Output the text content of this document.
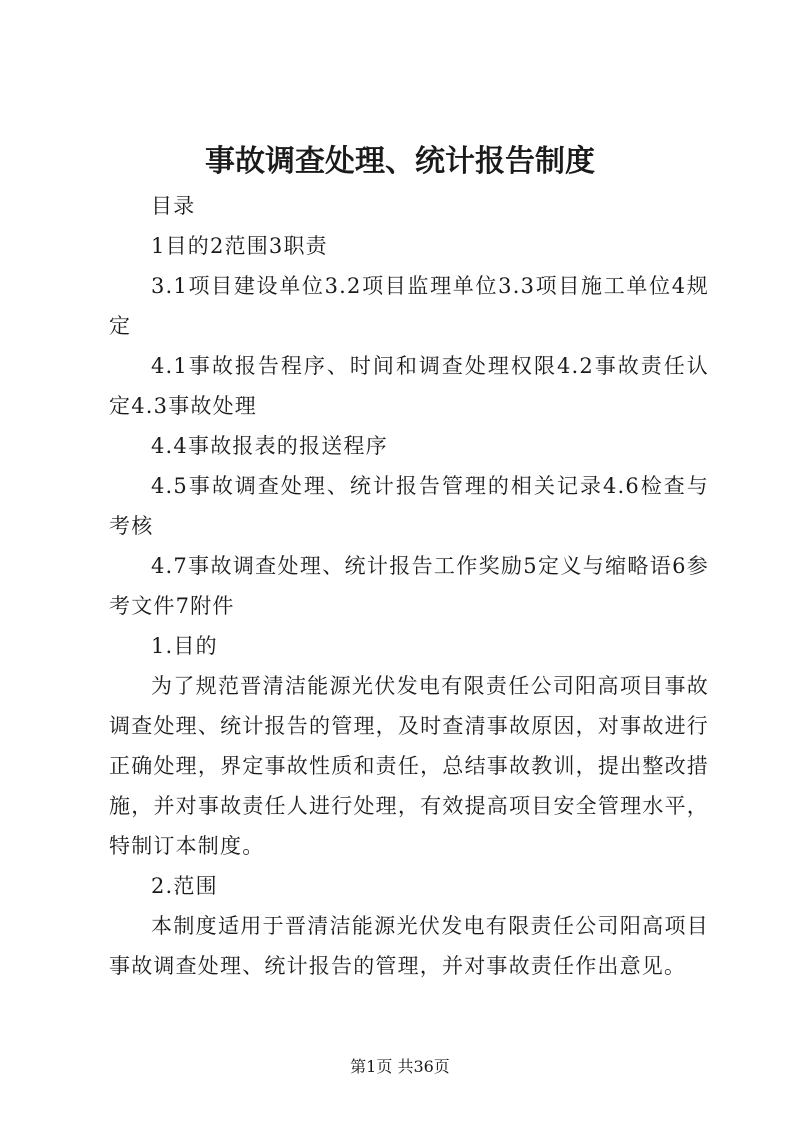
事故调查处理、统计报告制度

目录

1目的2范围3职责

3.1项目建设单位3.2项目监理单位3.3项目施工单位4规定

4.1事故报告程序、时间和调查处理权限4.2事故责任认定4.3事故处理

4.4事故报表的报送程序

4.5事故调查处理、统计报告管理的相关记录4.6检查与考核

4.7事故调查处理、统计报告工作奖励5定义与缩略语6参考文件7附件

1.目的

为了规范晋清洁能源光伏发电有限责任公司阳高项目事故调查处理、统计报告的管理，及时查清事故原因，对事故进行正确处理，界定事故性质和责任，总结事故教训，提出整改措施，并对事故责任人进行处理，有效提高项目安全管理水平，特制订本制度。

2.范围

本制度适用于晋清洁能源光伏发电有限责任公司阳高项目事故调查处理、统计报告的管理，并对事故责任作出意见。

第1页 共36页
